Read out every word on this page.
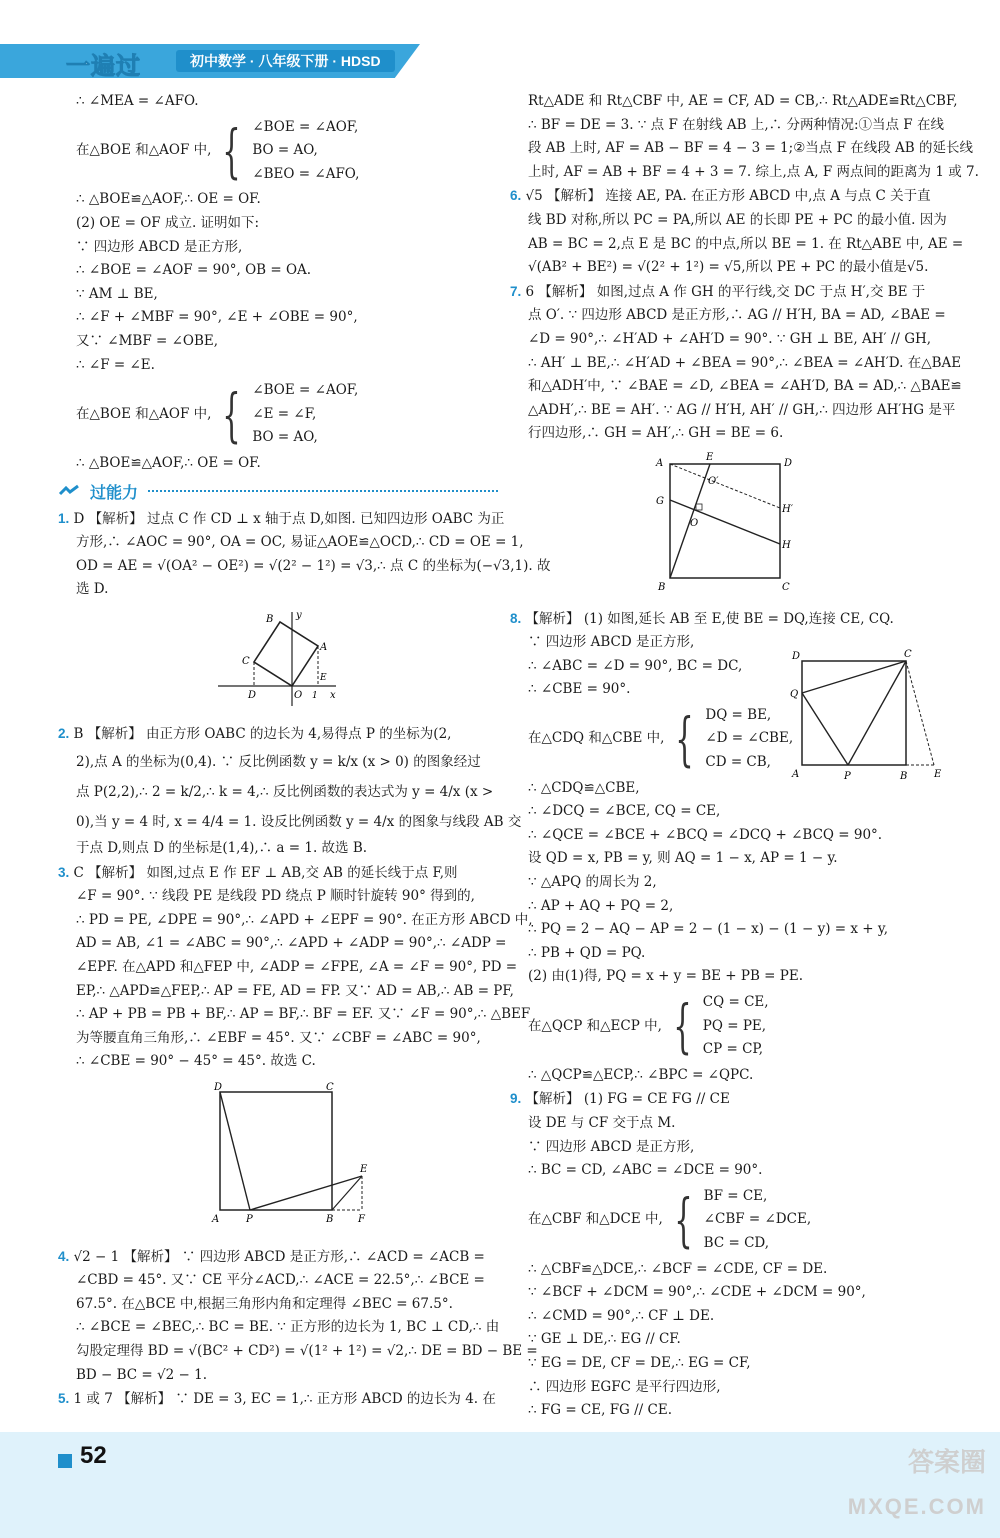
一遍过	初中数学 · 八年级下册 · HDSD
∴ ∠MEA = ∠AFO.
在△BOE 和△AOF 中, { ∠BOE = ∠AOF,
BO = AO,
∠BEO = ∠AFO,
∴ △BOE≌△AOF,∴ OE = OF.
(2) OE = OF 成立. 证明如下:
∵ 四边形 ABCD 是正方形,
∴ ∠BOE = ∠AOF = 90°, OB = OA.
∵ AM ⊥ BE,
∴ ∠F + ∠MBF = 90°, ∠E + ∠OBE = 90°,
又∵ ∠MBF = ∠OBE,
∴ ∠F = ∠E.
在△BOE 和△AOF 中, { ∠BOE = ∠AOF,
∠E = ∠F,
BO = AO,
∴ △BOE≌△AOF,∴ OE = OF.
过能力
1. D 【解析】 过点 C 作 CD ⊥ x 轴于点 D,如图. 已知四边形 OABC 为正
方形,∴ ∠AOC = 90°, OA = OC, 易证△AOE≌△OCD,∴ CD = OE = 1,
OD = AE = √(OA² − OE²) = √(2² − 1²) = √3,∴ 点 C 的坐标为(−√3,1). 故
选 D.
B y
A
C
E
D	O 1 x
2. B 【解析】 由正方形 OABC 的边长为 4,易得点 P 的坐标为(2,
2),点 A 的坐标为(0,4). ∵ 反比例函数 y = k/x (x > 0) 的图象经过
点 P(2,2),∴ 2 = k/2,∴ k = 4,∴ 反比例函数的表达式为 y = 4/x (x >
0),当 y = 4 时, x = 4/4 = 1. 设反比例函数 y = 4/x 的图象与线段 AB 交
于点 D,则点 D 的坐标是(1,4),∴ a = 1. 故选 B.
3. C 【解析】 如图,过点 E 作 EF ⊥ AB,交 AB 的延长线于点 F,则
∠F = 90°. ∵ 线段 PE 是线段 PD 绕点 P 顺时针旋转 90° 得到的,
∴ PD = PE, ∠DPE = 90°,∴ ∠APD + ∠EPF = 90°. 在正方形 ABCD 中,
AD = AB, ∠1 = ∠ABC = 90°,∴ ∠APD + ∠ADP = 90°,∴ ∠ADP =
∠EPF. 在△APD 和△FEP 中, ∠ADP = ∠FPE, ∠A = ∠F = 90°, PD =
EP,∴ △APD≌△FEP,∴ AP = FE, AD = FP. 又∵ AD = AB,∴ AB = PF,
∴ AP + PB = PB + BF,∴ AP = BF,∴ BF = EF. 又∵ ∠F = 90°,∴ △BEF
为等腰直角三角形,∴ ∠EBF = 45°. 又∵ ∠CBF = ∠ABC = 90°,
∴ ∠CBE = 90° − 45° = 45°. 故选 C.
D	C
E
A	P	B F
4. √2 − 1 【解析】 ∵ 四边形 ABCD 是正方形,∴ ∠ACD = ∠ACB =
∠CBD = 45°. 又∵ CE 平分∠ACD,∴ ∠ACE = 22.5°,∴ ∠BCE =
67.5°. 在△BCE 中,根据三角形内角和定理得 ∠BEC = 67.5°.
∴ ∠BCE = ∠BEC,∴ BC = BE. ∵ 正方形的边长为 1, BC ⊥ CD,∴ 由
勾股定理得 BD = √(BC² + CD²) = √(1² + 1²) = √2,∴ DE = BD − BE =
BD − BC = √2 − 1.
5. 1 或 7 【解析】 ∵ DE = 3, EC = 1,∴ 正方形 ABCD 的边长为 4. 在
Rt△ADE 和 Rt△CBF 中, AE = CF, AD = CB,∴ Rt△ADE≌Rt△CBF,
∴ BF = DE = 3. ∵ 点 F 在射线 AB 上,∴ 分两种情况:①当点 F 在线
段 AB 上时, AF = AB − BF = 4 − 3 = 1;②当点 F 在线段 AB 的延长线
上时, AF = AB + BF = 4 + 3 = 7. 综上,点 A, F 两点间的距离为 1 或 7.
6. √5 【解析】 连接 AE, PA. 在正方形 ABCD 中,点 A 与点 C 关于直
线 BD 对称,所以 PC = PA,所以 AE 的长即 PE + PC 的最小值. 因为
AB = BC = 2,点 E 是 BC 的中点,所以 BE = 1. 在 Rt△ABE 中, AE =
√(AB² + BE²) = √(2² + 1²) = √5,所以 PE + PC 的最小值是√5.
7. 6 【解析】 如图,过点 A 作 GH 的平行线,交 DC 于点 H′,交 BE 于
点 O′. ∵ 四边形 ABCD 是正方形,∴ AG // H′H, BA = AD, ∠BAE =
∠D = 90°,∴ ∠H′AD + ∠AH′D = 90°. ∵ GH ⊥ BE, AH′ // GH,
∴ AH′ ⊥ BE,∴ ∠H′AD + ∠BEA = 90°,∴ ∠BEA = ∠AH′D. 在△BAE
和△ADH′中, ∵ ∠BAE = ∠D, ∠BEA = ∠AH′D, BA = AD,∴ △BAE≌
△ADH′,∴ BE = AH′. ∵ AG // H′H, AH′ // GH,∴ 四边形 AH′HG 是平
行四边形,∴ GH = AH′,∴ GH = BE = 6.
A
E
D
O′
G
H′
O
H
B	C
8. 【解析】 (1) 如图,延长 AB 至 E,使 BE = DQ,连接 CE, CQ.
∵ 四边形 ABCD 是正方形,
∴ ∠ABC = ∠D = 90°, BC = DC,
∴ ∠CBE = 90°.
在△CDQ 和△CBE 中, { DQ = BE,
∠D = ∠CBE,
CD = CB,
∴ △CDQ≌△CBE,
∴ ∠DCQ = ∠BCE, CQ = CE,
∴ ∠QCE = ∠BCE + ∠BCQ = ∠DCQ + ∠BCQ = 90°.
设 QD = x, PB = y, 则 AQ = 1 − x, AP = 1 − y.
∵ △APQ 的周长为 2,
∴ AP + AQ + PQ = 2,
∴ PQ = 2 − AQ − AP = 2 − (1 − x) − (1 − y) = x + y,
∴ PB + QD = PQ.
(2) 由(1)得, PQ = x + y = BE + PB = PE.
在△QCP 和△ECP 中, { CQ = CE,
PQ = PE,
CP = CP,
∴ △QCP≌△ECP,∴ ∠BPC = ∠QPC.
D	C
Q
A	P	B	E
9. 【解析】 (1) FG = CE FG // CE
设 DE 与 CF 交于点 M.
∵ 四边形 ABCD 是正方形,
∴ BC = CD, ∠ABC = ∠DCE = 90°.
在△CBF 和△DCE 中, { BF = CE,
∠CBF = ∠DCE,
BC = CD,
∴ △CBF≌△DCE,∴ ∠BCF = ∠CDE, CF = DE.
∵ ∠BCF + ∠DCM = 90°,∴ ∠CDE + ∠DCM = 90°,
∴ ∠CMD = 90°,∴ CF ⊥ DE.
∵ GE ⊥ DE,∴ EG // CF.
∵ EG = DE, CF = DE,∴ EG = CF,
∴ 四边形 EGFC 是平行四边形,
∴ FG = CE, FG // CE.
52	答案圈
MXQE.COM
